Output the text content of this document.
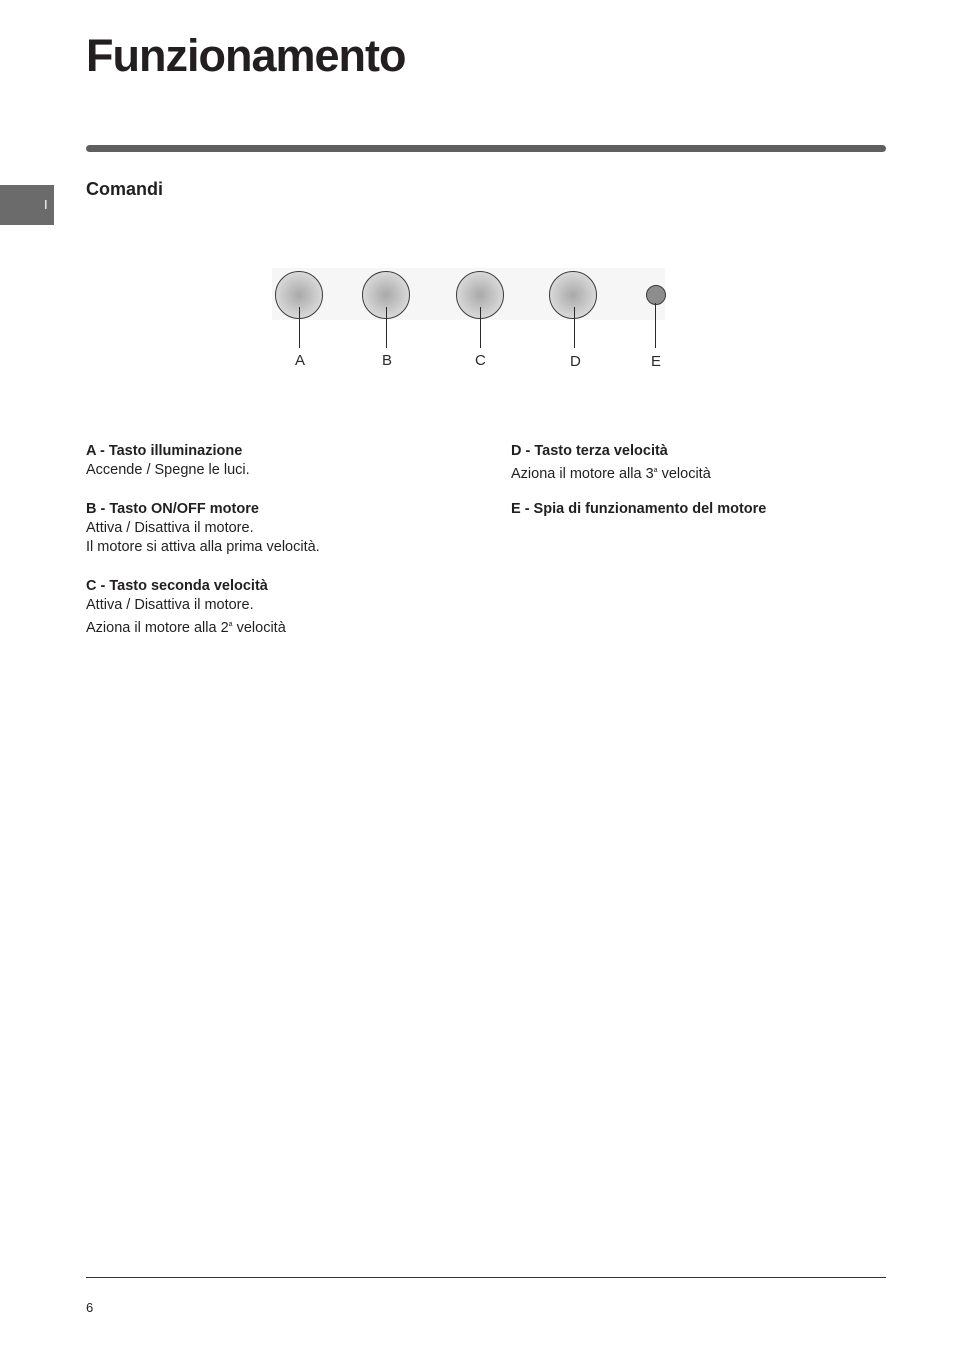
Funzionamento
I
Comandi
A	B	C	D	E
A - Tasto illuminazione
Accende / Spegne le luci.
B - Tasto ON/OFF motore
Attiva / Disattiva il motore.
Il motore si attiva alla prima velocità.
C - Tasto seconda velocità
Attiva / Disattiva il motore.
Aziona il motore alla 2$^a$ velocità
D - Tasto terza velocità
Aziona il motore alla 3$^a$ velocità
E - Spia di funzionamento del motore
6
